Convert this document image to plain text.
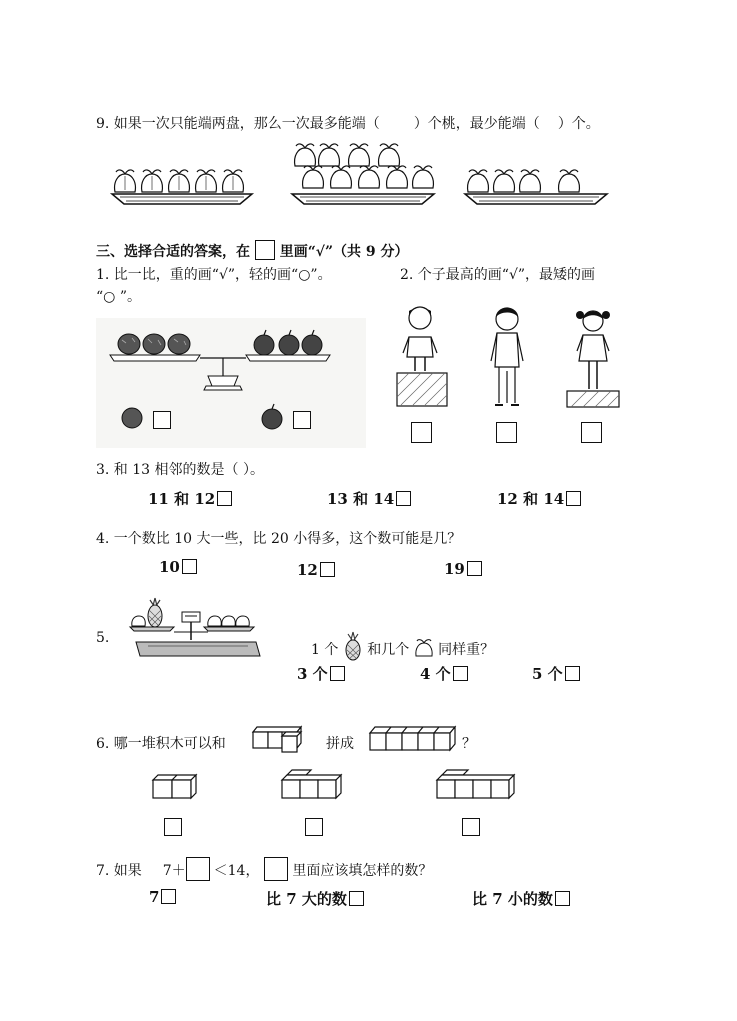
9. 如果一次只能端两盘，那么一次最多能端（ ）个桃，最少能端（ ）个。
三、选择合适的答案，在 里画“√”（共 9 分）
1. 比一比，重的画“√”，轻的画“○”。	2. 个子最高的画“√”，最矮的画
“○ ”。
3. 和 13 相邻的数是（ ）。
11 和 12	13 和 14	12 和 14
4. 一个数比 10 大一些，比 20 小得多，这个数可能是几？
10	12	19
5.
1 个 和几个 同样重？
3 个	4 个	5 个
6. 哪一堆积木可以和	拼成	？
7. 如果 7＋ ＜14， 里面应该填怎样的数？
7	比 7 大的数	比 7 小的数
